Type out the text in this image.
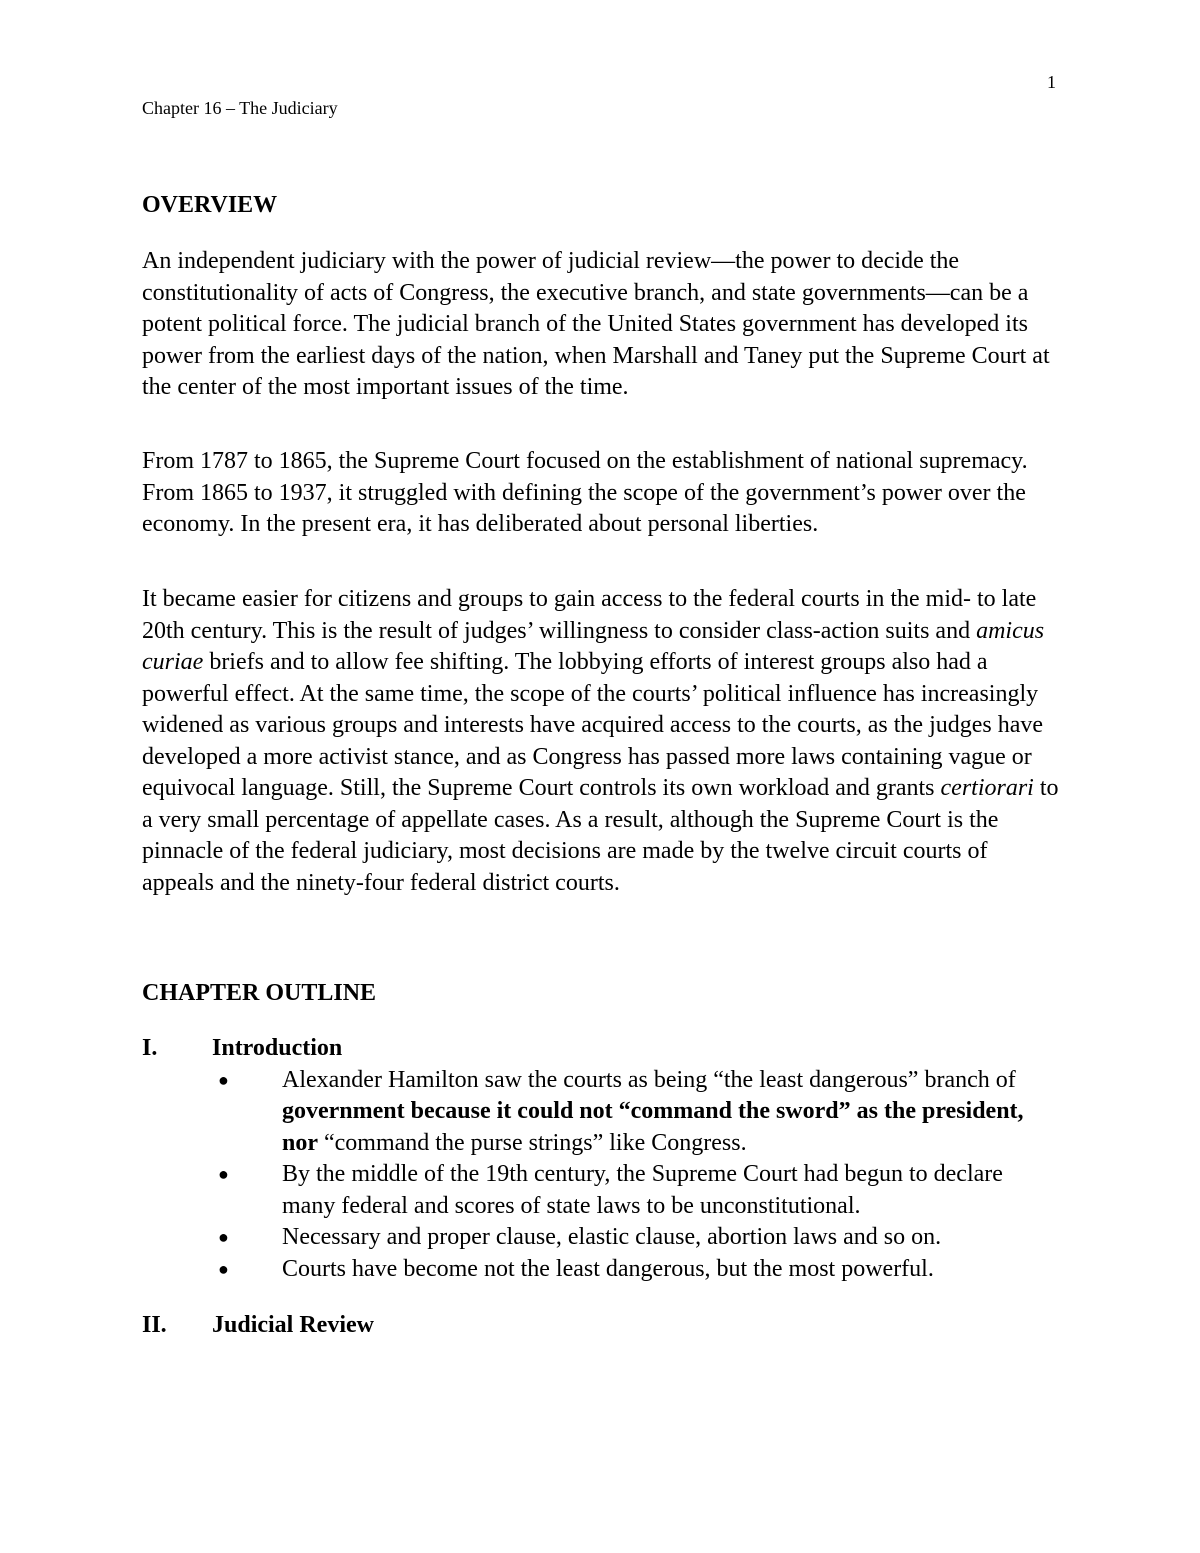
1
Chapter 16 – The Judiciary

OVERVIEW

An independent judiciary with the power of judicial review—the power to decide the constitutionality of acts of Congress, the executive branch, and state governments—can be a potent political force. The judicial branch of the United States government has developed its power from the earliest days of the nation, when Marshall and Taney put the Supreme Court at the center of the most important issues of the time.

From 1787 to 1865, the Supreme Court focused on the establishment of national supremacy. From 1865 to 1937, it struggled with defining the scope of the government’s power over the economy. In the present era, it has deliberated about personal liberties.

It became easier for citizens and groups to gain access to the federal courts in the mid- to late 20th century. This is the result of judges’ willingness to consider class-action suits and amicus curiae briefs and to allow fee shifting. The lobbying efforts of interest groups also had a powerful effect. At the same time, the scope of the courts’ political influence has increasingly widened as various groups and interests have acquired access to the courts, as the judges have developed a more activist stance, and as Congress has passed more laws containing vague or equivocal language. Still, the Supreme Court controls its own workload and grants certiorari to a very small percentage of appellate cases. As a result, although the Supreme Court is the pinnacle of the federal judiciary, most decisions are made by the twelve circuit courts of appeals and the ninety-four federal district courts.

CHAPTER OUTLINE

I.	Introduction
● Alexander Hamilton saw the courts as being “the least dangerous” branch of government because it could not “command the sword” as the president, nor “command the purse strings” like Congress.
● By the middle of the 19th century, the Supreme Court had begun to declare many federal and scores of state laws to be unconstitutional.
● Necessary and proper clause, elastic clause, abortion laws and so on.
● Courts have become not the least dangerous, but the most powerful.
II.	Judicial Review
